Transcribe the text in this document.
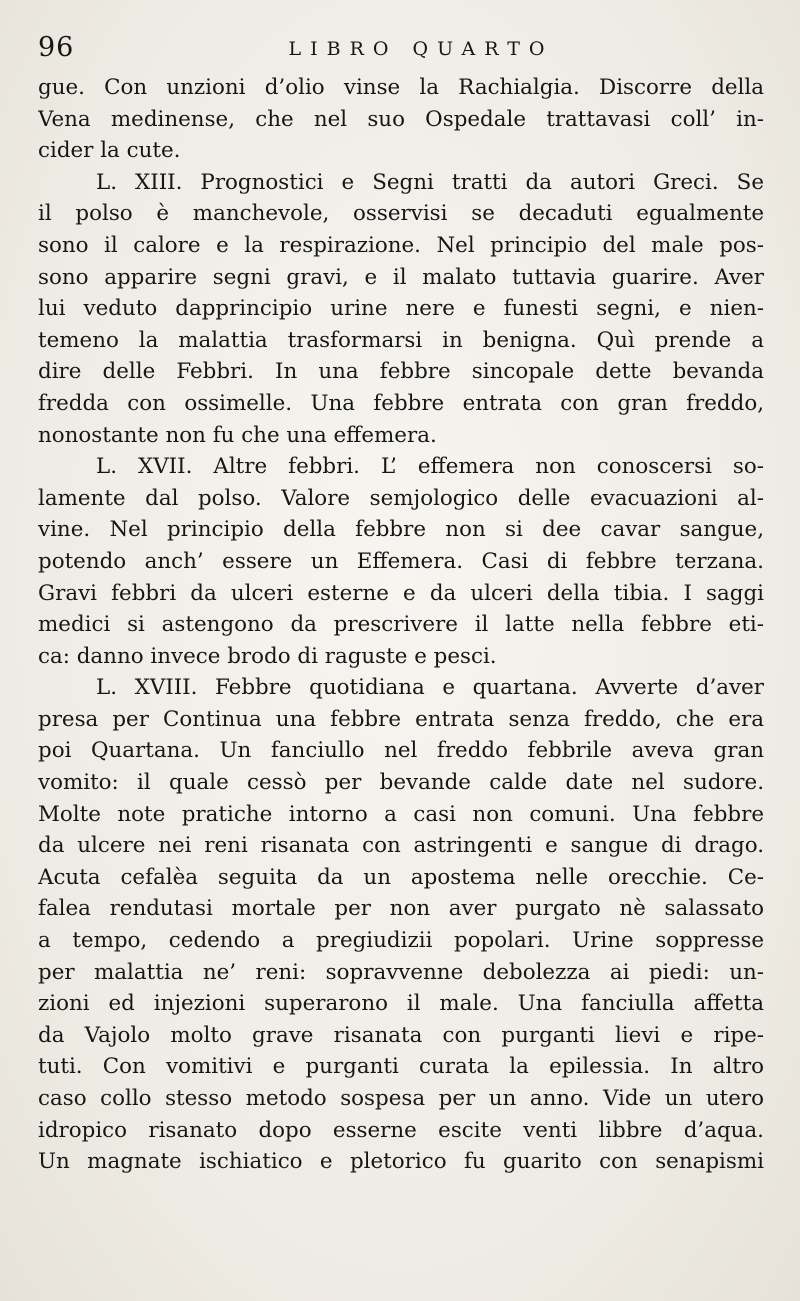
96	LIBRO QUARTO
gue. Con unzioni d’olio vinse la Rachialgia. Discorre della
Vena medinense, che nel suo Ospedale trattavasi coll’ in-
cider la cute.
L. XIII. Prognostici e Segni tratti da autori Greci. Se
il polso è manchevole, osservisi se decaduti egualmente
sono il calore e la respirazione. Nel principio del male pos-
sono apparire segni gravi, e il malato tuttavia guarire. Aver
lui veduto dapprincipio urine nere e funesti segni, e nien-
temeno la malattia trasformarsi in benigna. Quì prende a
dire delle Febbri. In una febbre sincopale dette bevanda
fredda con ossimelle. Una febbre entrata con gran freddo,
nonostante non fu che una effemera.
L. XVII. Altre febbri. L’ effemera non conoscersi so-
lamente dal polso. Valore semjologico delle evacuazioni al-
vine. Nel principio della febbre non si dee cavar sangue,
potendo anch’ essere un Effemera. Casi di febbre terzana.
Gravi febbri da ulceri esterne e da ulceri della tibia. I saggi
medici si astengono da prescrivere il latte nella febbre eti-
ca: danno invece brodo di raguste e pesci.
L. XVIII. Febbre quotidiana e quartana. Avverte d’aver
presa per Continua una febbre entrata senza freddo, che era
poi Quartana. Un fanciullo nel freddo febbrile aveva gran
vomito: il quale cessò per bevande calde date nel sudore.
Molte note pratiche intorno a casi non comuni. Una febbre
da ulcere nei reni risanata con astringenti e sangue di drago.
Acuta cefalèa seguita da un apostema nelle orecchie. Ce-
falea rendutasi mortale per non aver purgato nè salassato
a tempo, cedendo a pregiudizii popolari. Urine soppresse
per malattia ne’ reni: sopravvenne debolezza ai piedi: un-
zioni ed injezioni superarono il male. Una fanciulla affetta
da Vajolo molto grave risanata con purganti lievi e ripe-
tuti. Con vomitivi e purganti curata la epilessia. In altro
caso collo stesso metodo sospesa per un anno. Vide un utero
idropico risanato dopo esserne escite venti libbre d’aqua.
Un magnate ischiatico e pletorico fu guarito con senapismi
